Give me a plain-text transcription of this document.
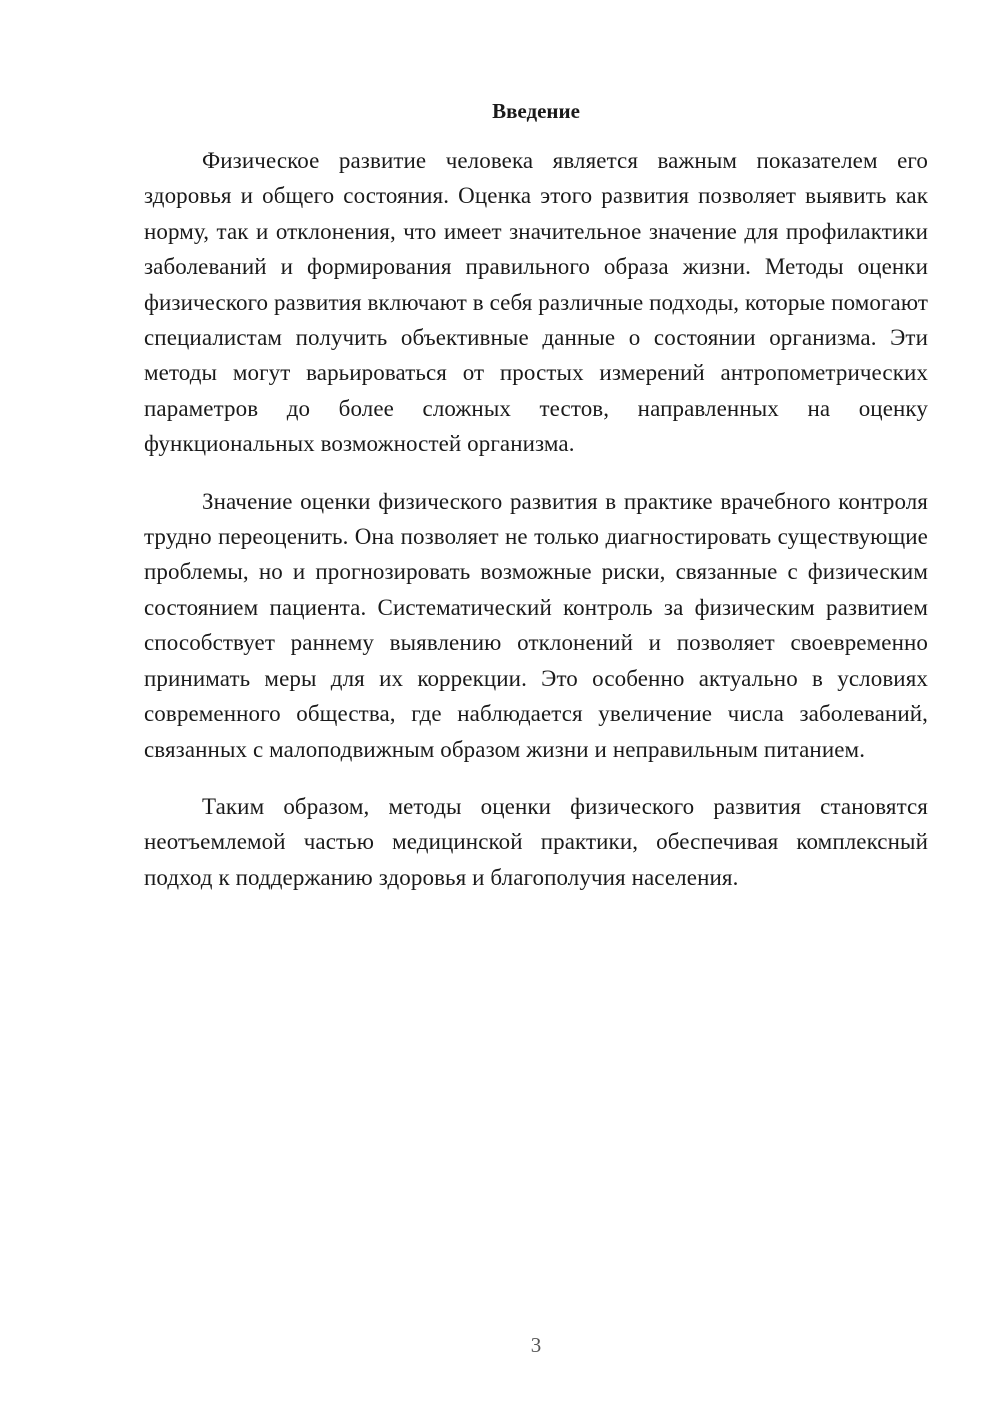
Введение

Физическое развитие человека является важным показателем его здоровья и общего состояния. Оценка этого развития позволяет выявить как норму, так и отклонения, что имеет значительное значение для профилактики заболеваний и формирования правильного образа жизни. Методы оценки физического развития включают в себя различные подходы, которые помогают специалистам получить объективные данные о состоянии организма. Эти методы могут варьироваться от простых измерений антропометрических параметров до более сложных тестов, направленных на оценку функциональных возможностей организма.

Значение оценки физического развития в практике врачебного контроля трудно переоценить. Она позволяет не только диагностировать существующие проблемы, но и прогнозировать возможные риски, связанные с физическим состоянием пациента. Систематический контроль за физическим развитием способствует раннему выявлению отклонений и позволяет своевременно принимать меры для их коррекции. Это особенно актуально в условиях современного общества, где наблюдается увеличение числа заболеваний, связанных с малоподвижным образом жизни и неправильным питанием.

Таким образом, методы оценки физического развития становятся неотъемлемой частью медицинской практики, обеспечивая комплексный подход к поддержанию здоровья и благополучия населения.

3
